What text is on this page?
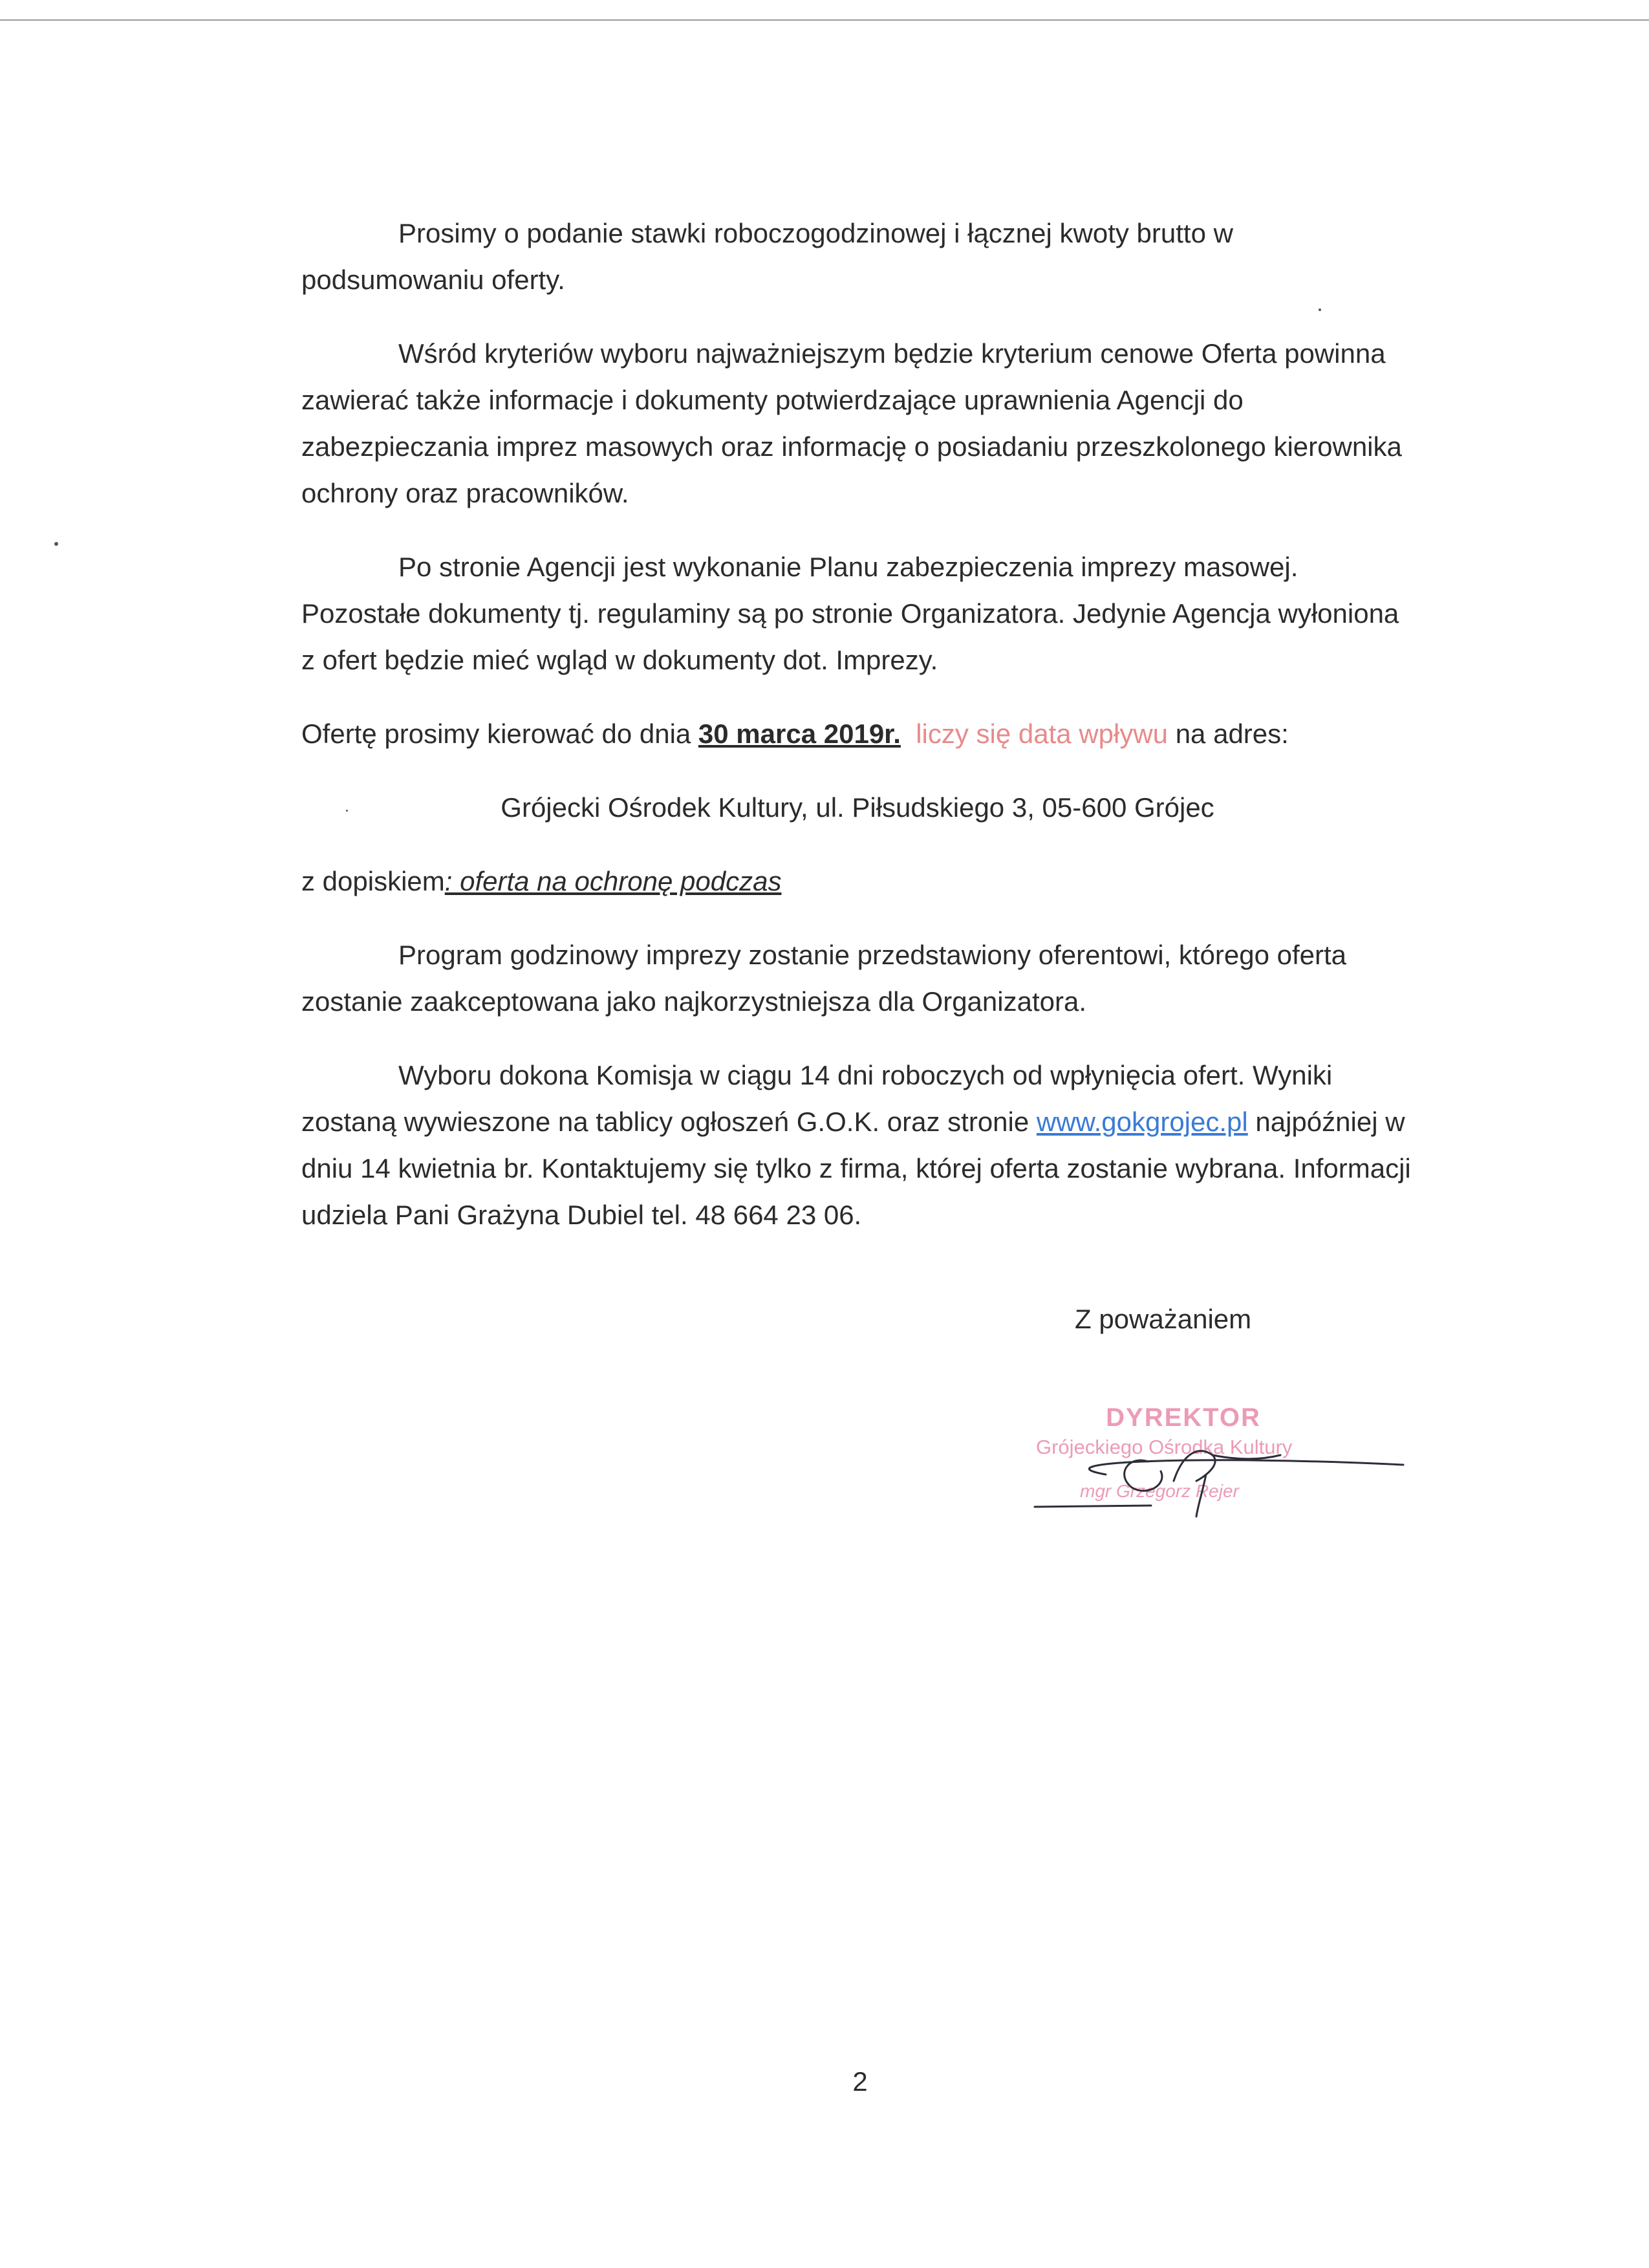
Prosimy o podanie stawki roboczogodzinowej i łącznej kwoty brutto w podsumowaniu oferty.

Wśród kryteriów wyboru najważniejszym będzie kryterium cenowe Oferta powinna zawierać także informacje i dokumenty potwierdzające uprawnienia Agencji do zabezpieczania imprez masowych oraz informację o posiadaniu przeszkolonego kierownika ochrony oraz pracowników.

Po stronie Agencji jest wykonanie Planu zabezpieczenia imprezy masowej. Pozostałe dokumenty tj. regulaminy są po stronie Organizatora. Jedynie Agencja wyłoniona z ofert będzie mieć wgląd w dokumenty dot. Imprezy.

Ofertę prosimy kierować do dnia 30 marca 2019r. liczy się data wpływu na adres:

Grójecki Ośrodek Kultury, ul. Piłsudskiego 3, 05-600 Grójec

z dopiskiem: oferta na ochronę podczas

Program godzinowy imprezy zostanie przedstawiony oferentowi, którego oferta zostanie zaakceptowana jako najkorzystniejsza dla Organizatora.

Wyboru dokona Komisja w ciągu 14 dni roboczych od wpłynięcia ofert. Wyniki zostaną wywieszone na tablicy ogłoszeń G.O.K. oraz stronie www.gokgrojec.pl najpóźniej w dniu 14 kwietnia br. Kontaktujemy się tylko z firma, której oferta zostanie wybrana. Informacji udziela Pani Grażyna Dubiel tel. 48 664 23 06.

Z poważaniem
DYREKTOR
Grójeckiego Ośrodka Kultury
mgr Grzegorz Rejer
2
